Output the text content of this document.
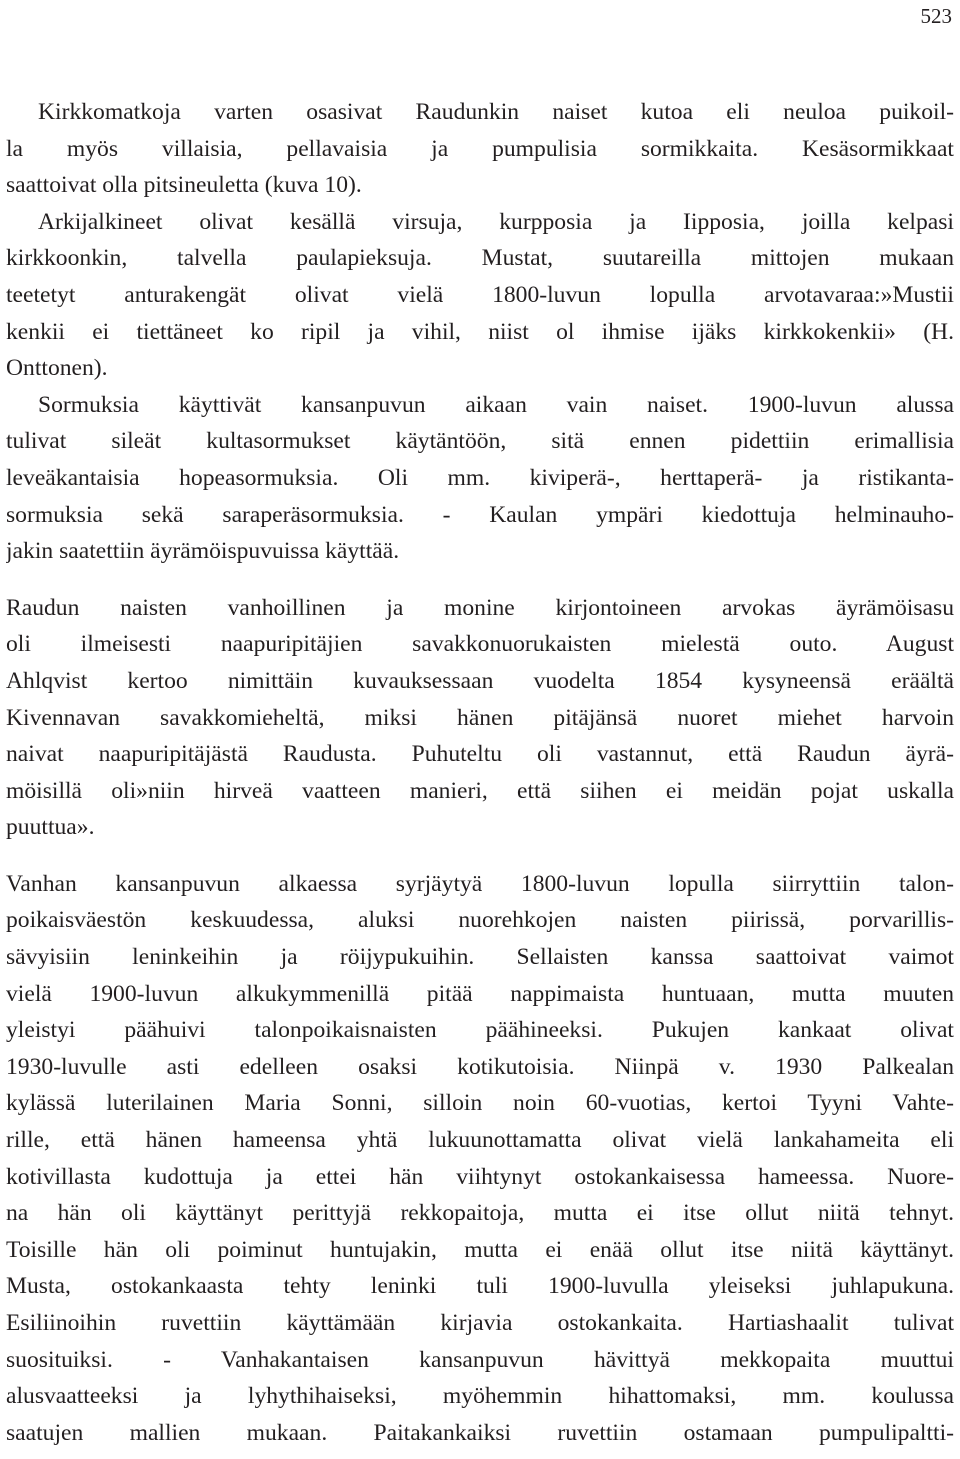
523
Kirkkomatkoja varten osasivat Raudunkin naiset kutoa eli neuloa puikoil-
la myös villaisia, pellavaisia ja pumpulisia sormikkaita. Kesäsormikkaat
saattoivat olla pitsineuletta (kuva 10).
Arkijalkineet olivat kesällä virsuja, kurpposia ja Iipposia, joilla kelpasi
kirkkoonkin, talvella paulapieksuja. Mustat, suutareilla mittojen mukaan
teetetyt anturakengät olivat vielä 1800-luvun lopulla arvotavaraa:»Mustii
kenkii ei tiettäneet ko ripil ja vihil, niist ol ihmise ijäks kirkkokenkii» (H.
Onttonen).
Sormuksia käyttivät kansanpuvun aikaan vain naiset. 1900-luvun alussa
tulivat sileät kultasormukset käytäntöön, sitä ennen pidettiin erimallisia
leveäkantaisia hopeasormuksia. Oli mm. kiviperä-, herttaperä- ja ristikanta-
sormuksia sekä saraperäsormuksia. - Kaulan ympäri kiedottuja helminauho-
jakin saatettiin äyrämöispuvuissa käyttää.
Raudun naisten vanhoillinen ja monine kirjontoineen arvokas äyrämöisasu
oli ilmeisesti naapuripitäjien savakkonuorukaisten mielestä outo. August
Ahlqvist kertoo nimittäin kuvauksessaan vuodelta 1854 kysyneensä eräältä
Kivennavan savakkomieheltä, miksi hänen pitäjänsä nuoret miehet harvoin
naivat naapuripitäjästä Raudusta. Puhuteltu oli vastannut, että Raudun äyrä-
möisillä oli»niin hirveä vaatteen manieri, että siihen ei meidän pojat uskalla
puuttua».
Vanhan kansanpuvun alkaessa syrjäytyä 1800-luvun lopulla siirryttiin talon-
poikaisväestön keskuudessa, aluksi nuorehkojen naisten piirissä, porvarillis-
sävyisiin leninkeihin ja röijypukuihin. Sellaisten kanssa saattoivat vaimot
vielä 1900-luvun alkukymmenillä pitää nappimaista huntuaan, mutta muuten
yleistyi päähuivi talonpoikaisnaisten päähineeksi. Pukujen kankaat olivat
1930-luvulle asti edelleen osaksi kotikutoisia. Niinpä v. 1930 Palkealan
kylässä luterilainen Maria Sonni, silloin noin 60-vuotias, kertoi Tyyni Vahte-
rille, että hänen hameensa yhtä lukuunottamatta olivat vielä lankahameita eli
kotivillasta kudottuja ja ettei hän viihtynyt ostokankaisessa hameessa. Nuore-
na hän oli käyttänyt perittyjä rekkopaitoja, mutta ei itse ollut niitä tehnyt.
Toisille hän oli poiminut huntujakin, mutta ei enää ollut itse niitä käyttänyt.
Musta, ostokankaasta tehty leninki tuli 1900-luvulla yleiseksi juhlapukuna.
Esiliinoihin ruvettiin käyttämään kirjavia ostokankaita. Hartiashaalit tulivat
suosituiksi. - Vanhakantaisen kansanpuvun hävittyä mekkopaita muuttui
alusvaatteeksi ja lyhythihaiseksi, myöhemmin hihattomaksi, mm. koulussa
saatujen mallien mukaan. Paitakankaiksi ruvettiin ostamaan pumpulipaltti-
